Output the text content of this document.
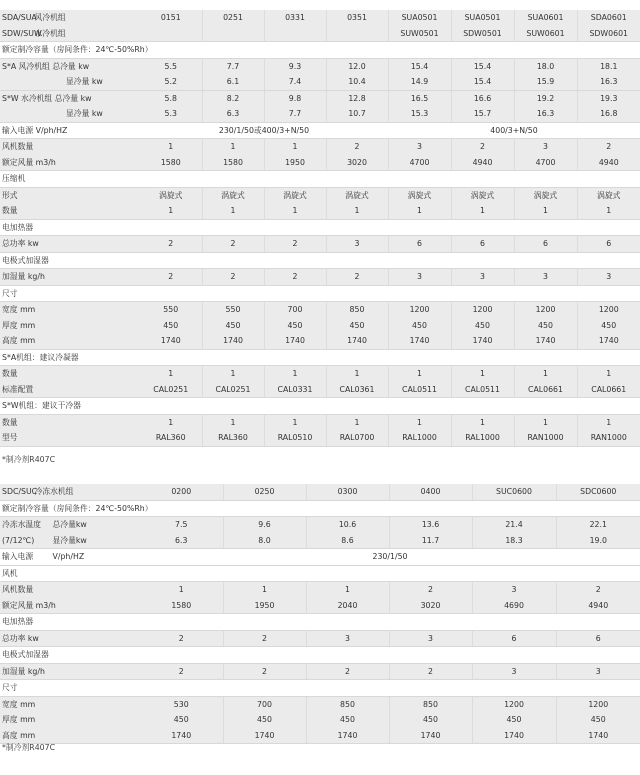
SDA/SUA 风冷机组	0151	0251	0331	0351	SUA0501	SUA0501	SUA0601	SDA0601
SDW/SUW 水冷机组					SUW0501	SDW0501	SUW0601	SDW0601
额定制冷容量（房间条件：24℃-50%Rh）								
S*A 风冷机组 总冷量 kw	5.5	7.7	9.3	12.0	15.4	15.4	18.0	18.1
显冷量 kw	5.2	6.1	7.4	10.4	14.9	15.4	15.9	16.3
S*W 水冷机组 总冷量 kw	5.8	8.2	9.8	12.8	16.5	16.6	19.2	19.3
显冷量 kw	5.3	6.3	7.7	10.7	15.3	15.7	16.3	16.8
输入电源 V/ph/HZ	230/1/50或400/3+N/50				400/3+N/50			
风机数量	1	1	1	2	3	2	3	2
额定风量 m3/h	1580	1580	1950	3020	4700	4940	4700	4940
压缩机								
形式	涡旋式	涡旋式	涡旋式	涡旋式	涡旋式	涡旋式	涡旋式	涡旋式
数量	1	1	1	1	1	1	1	1
电加热器								
总功率 kw	2	2	2	3	6	6	6	6
电极式加湿器								
加湿量 kg/h	2	2	2	2	3	3	3	3
尺寸								
宽度 mm	550	550	700	850	1200	1200	1200	1200
厚度 mm	450	450	450	450	450	450	450	450
高度 mm	1740	1740	1740	1740	1740	1740	1740	1740
S*A机组：建议冷凝器								
数量	1	1	1	1	1	1	1	1
标准配置	CAL0251	CAL0251	CAL0331	CAL0361	CAL0511	CAL0511	CAL0661	CAL0661
S*W机组：建议干冷器								
数量	1	1	1	1	1	1	1	1
型号	RAL360	RAL360	RAL0510	RAL0700	RAL1000	RAL1000	RAN1000	RAN1000
*制冷剂R407C
SDC/SUC 冷冻水机组	0200	0250	0300	0400	SUC0600	SDC0600
额定制冷容量（房间条件：24℃-50%Rh）						
冷冻水温度 总冷量kw	7.5	9.6	10.6	13.6	21.4	22.1
(7/12℃) 显冷量kw	6.3	8.0	8.6	11.7	18.3	19.0
输入电源 V/ph/HZ	230/1/50					
风机						
风机数量	1	1	1	2	3	2
额定风量 m3/h	1580	1950	2040	3020	4690	4940
电加热器						
总功率 kw	2	2	3	3	6	6
电极式加湿器						
加湿量 kg/h	2	2	2	2	3	3
尺寸						
宽度 mm	530	700	850	850	1200	1200
厚度 mm	450	450	450	450	450	450
高度 mm	1740	1740	1740	1740	1740	1740
*制冷剂R407C
